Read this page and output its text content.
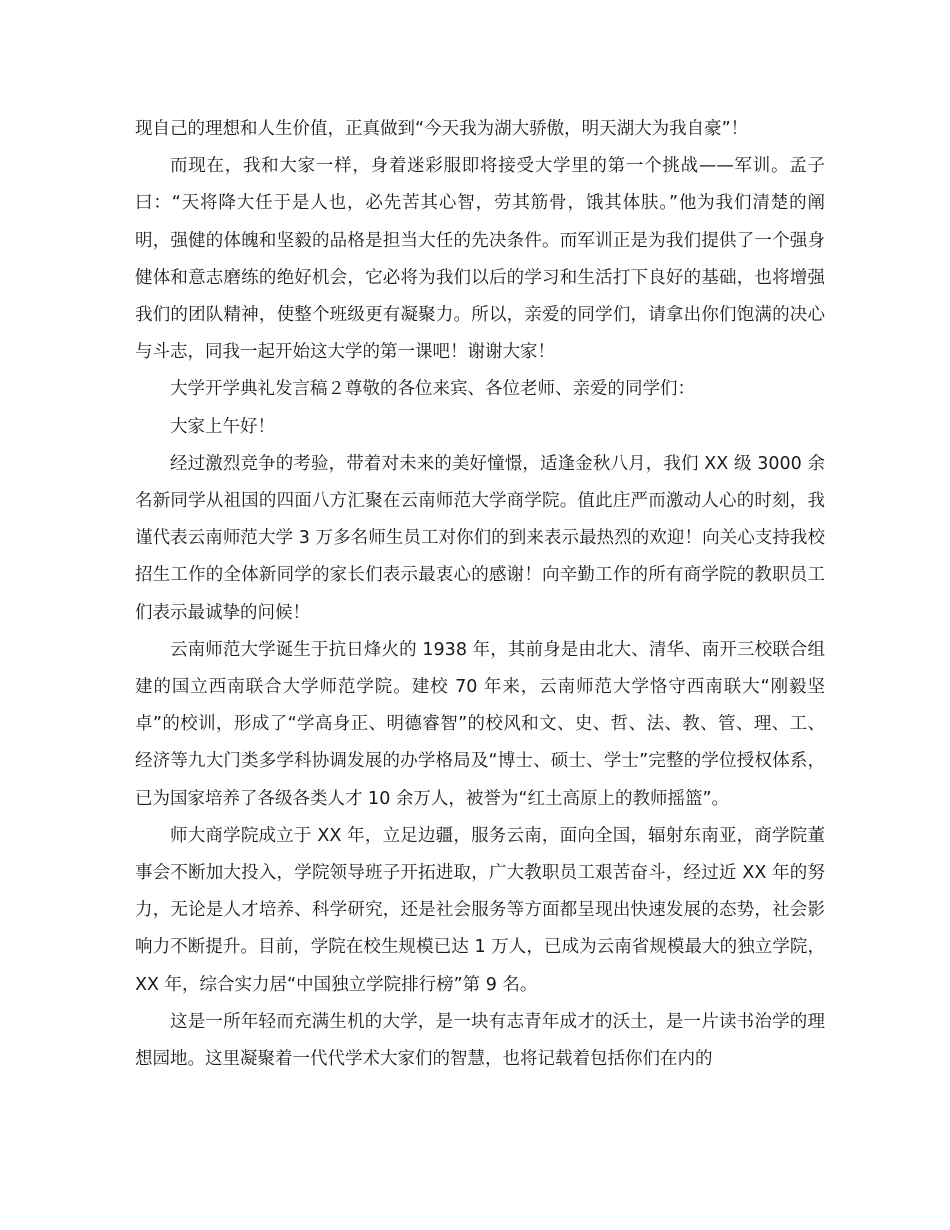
现自己的理想和人生价值，正真做到“今天我为湖大骄傲，明天湖大为我自豪”！

而现在，我和大家一样，身着迷彩服即将接受大学里的第一个挑战——军训。孟子曰：“天将降大任于是人也，必先苦其心智，劳其筋骨，饿其体肤。”他为我们清楚的阐明，强健的体魄和坚毅的品格是担当大任的先决条件。而军训正是为我们提供了一个强身健体和意志磨练的绝好机会，它必将为我们以后的学习和生活打下良好的基础，也将增强我们的团队精神，使整个班级更有凝聚力。所以，亲爱的同学们，请拿出你们饱满的决心与斗志，同我一起开始这大学的第一课吧！谢谢大家！

大学开学典礼发言稿２尊敬的各位来宾、各位老师、亲爱的同学们：

大家上午好！

经过激烈竞争的考验，带着对未来的美好憧憬，适逢金秋八月，我们 XX 级 3000 余名新同学从祖国的四面八方汇聚在云南师范大学商学院。值此庄严而激动人心的时刻，我谨代表云南师范大学 3 万多名师生员工对你们的到来表示最热烈的欢迎！向关心支持我校招生工作的全体新同学的家长们表示最衷心的感谢！向辛勤工作的所有商学院的教职员工们表示最诚挚的问候！

云南师范大学诞生于抗日烽火的 1938 年，其前身是由北大、清华、南开三校联合组建的国立西南联合大学师范学院。建校 70 年来，云南师范大学恪守西南联大“刚毅坚卓”的校训，形成了“学高身正、明德睿智”的校风和文、史、哲、法、教、管、理、工、经济等九大门类多学科协调发展的办学格局及“博士、硕士、学士”完整的学位授权体系，已为国家培养了各级各类人才 10 余万人，被誉为“红土高原上的教师摇篮”。

师大商学院成立于 XX 年，立足边疆，服务云南，面向全国，辐射东南亚，商学院董事会不断加大投入，学院领导班子开拓进取，广大教职员工艰苦奋斗，经过近 XX 年的努力，无论是人才培养、科学研究，还是社会服务等方面都呈现出快速发展的态势，社会影响力不断提升。目前，学院在校生规模已达 1 万人，已成为云南省规模最大的独立学院，XX 年，综合实力居“中国独立学院排行榜”第 9 名。

这是一所年轻而充满生机的大学，是一块有志青年成才的沃土，是一片读书治学的理想园地。这里凝聚着一代代学术大家们的智慧，也将记载着包括你们在内的
